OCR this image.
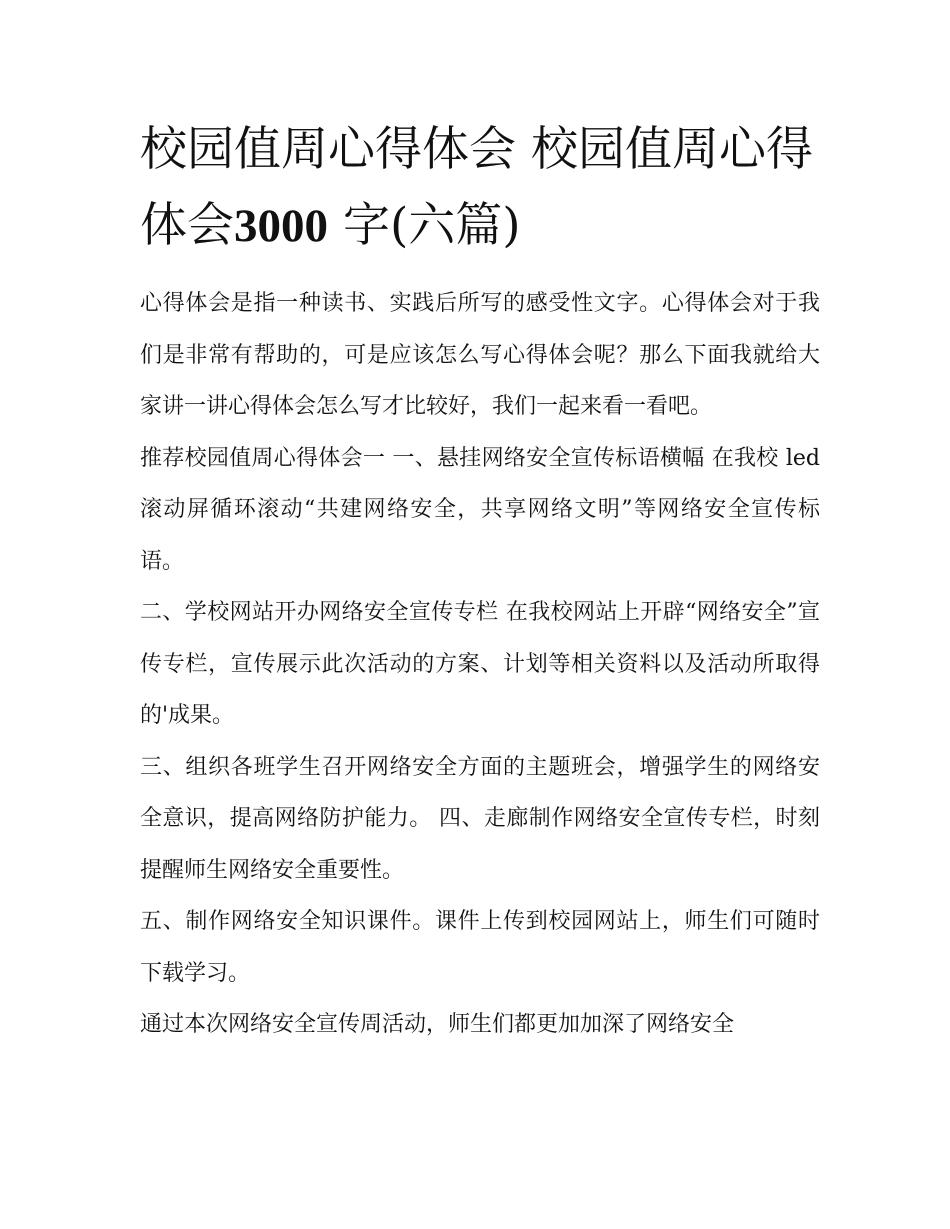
校园值周心得体会 校园值周心得体会3000 字(六篇)

心得体会是指一种读书、实践后所写的感受性文字。心得体会对于我们是非常有帮助的，可是应该怎么写心得体会呢？那么下面我就给大家讲一讲心得体会怎么写才比较好，我们一起来看一看吧。

推荐校园值周心得体会一 一、悬挂网络安全宣传标语横幅 在我校 led 滚动屏循环滚动“共建网络安全，共享网络文明”等网络安全宣传标语。

二、学校网站开办网络安全宣传专栏 在我校网站上开辟“网络安全”宣传专栏，宣传展示此次活动的方案、计划等相关资料以及活动所取得的'成果。

三、组织各班学生召开网络安全方面的主题班会，增强学生的网络安全意识，提高网络防护能力。 四、走廊制作网络安全宣传专栏，时刻提醒师生网络安全重要性。

五、制作网络安全知识课件。课件上传到校园网站上，师生们可随时下载学习。

通过本次网络安全宣传周活动，师生们都更加加深了网络安全
